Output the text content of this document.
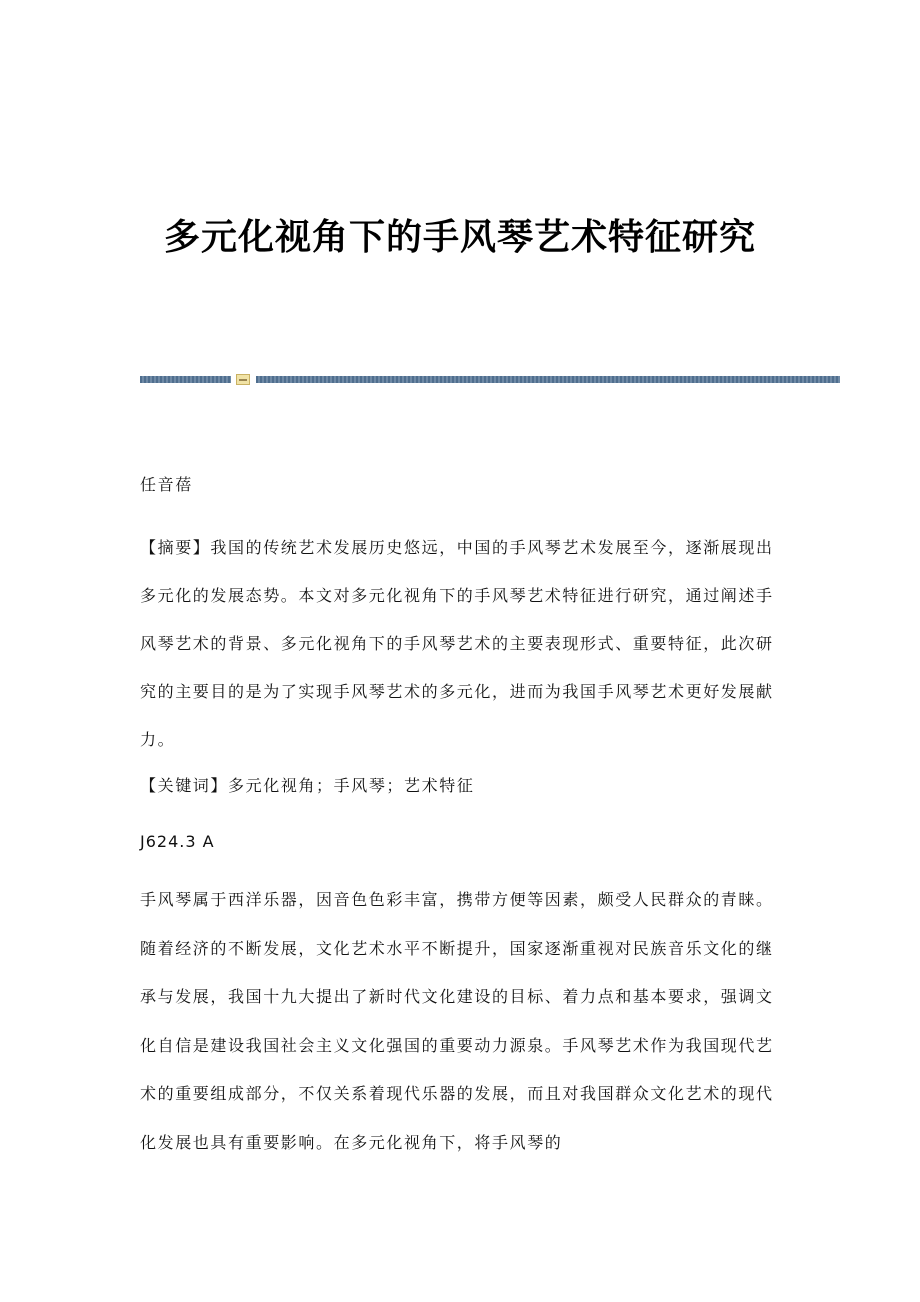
多元化视角下的手风琴艺术特征研究
任音蓓
【摘要】我国的传统艺术发展历史悠远，中国的手风琴艺术发展至今，逐渐展现出多元化的发展态势。本文对多元化视角下的手风琴艺术特征进行研究，通过阐述手风琴艺术的背景、多元化视角下的手风琴艺术的主要表现形式、重要特征，此次研究的主要目的是为了实现手风琴艺术的多元化，进而为我国手风琴艺术更好发展献力。
【关键词】多元化视角；手风琴；艺术特征
J624.3 A
手风琴属于西洋乐器，因音色色彩丰富，携带方便等因素，颇受人民群众的青睐。随着经济的不断发展，文化艺术水平不断提升，国家逐渐重视对民族音乐文化的继承与发展，我国十九大提出了新时代文化建设的目标、着力点和基本要求，强调文化自信是建设我国社会主义文化强国的重要动力源泉。手风琴艺术作为我国现代艺术的重要组成部分，不仅关系着现代乐器的发展，而且对我国群众文化艺术的现代化发展也具有重要影响。在多元化视角下，将手风琴的
